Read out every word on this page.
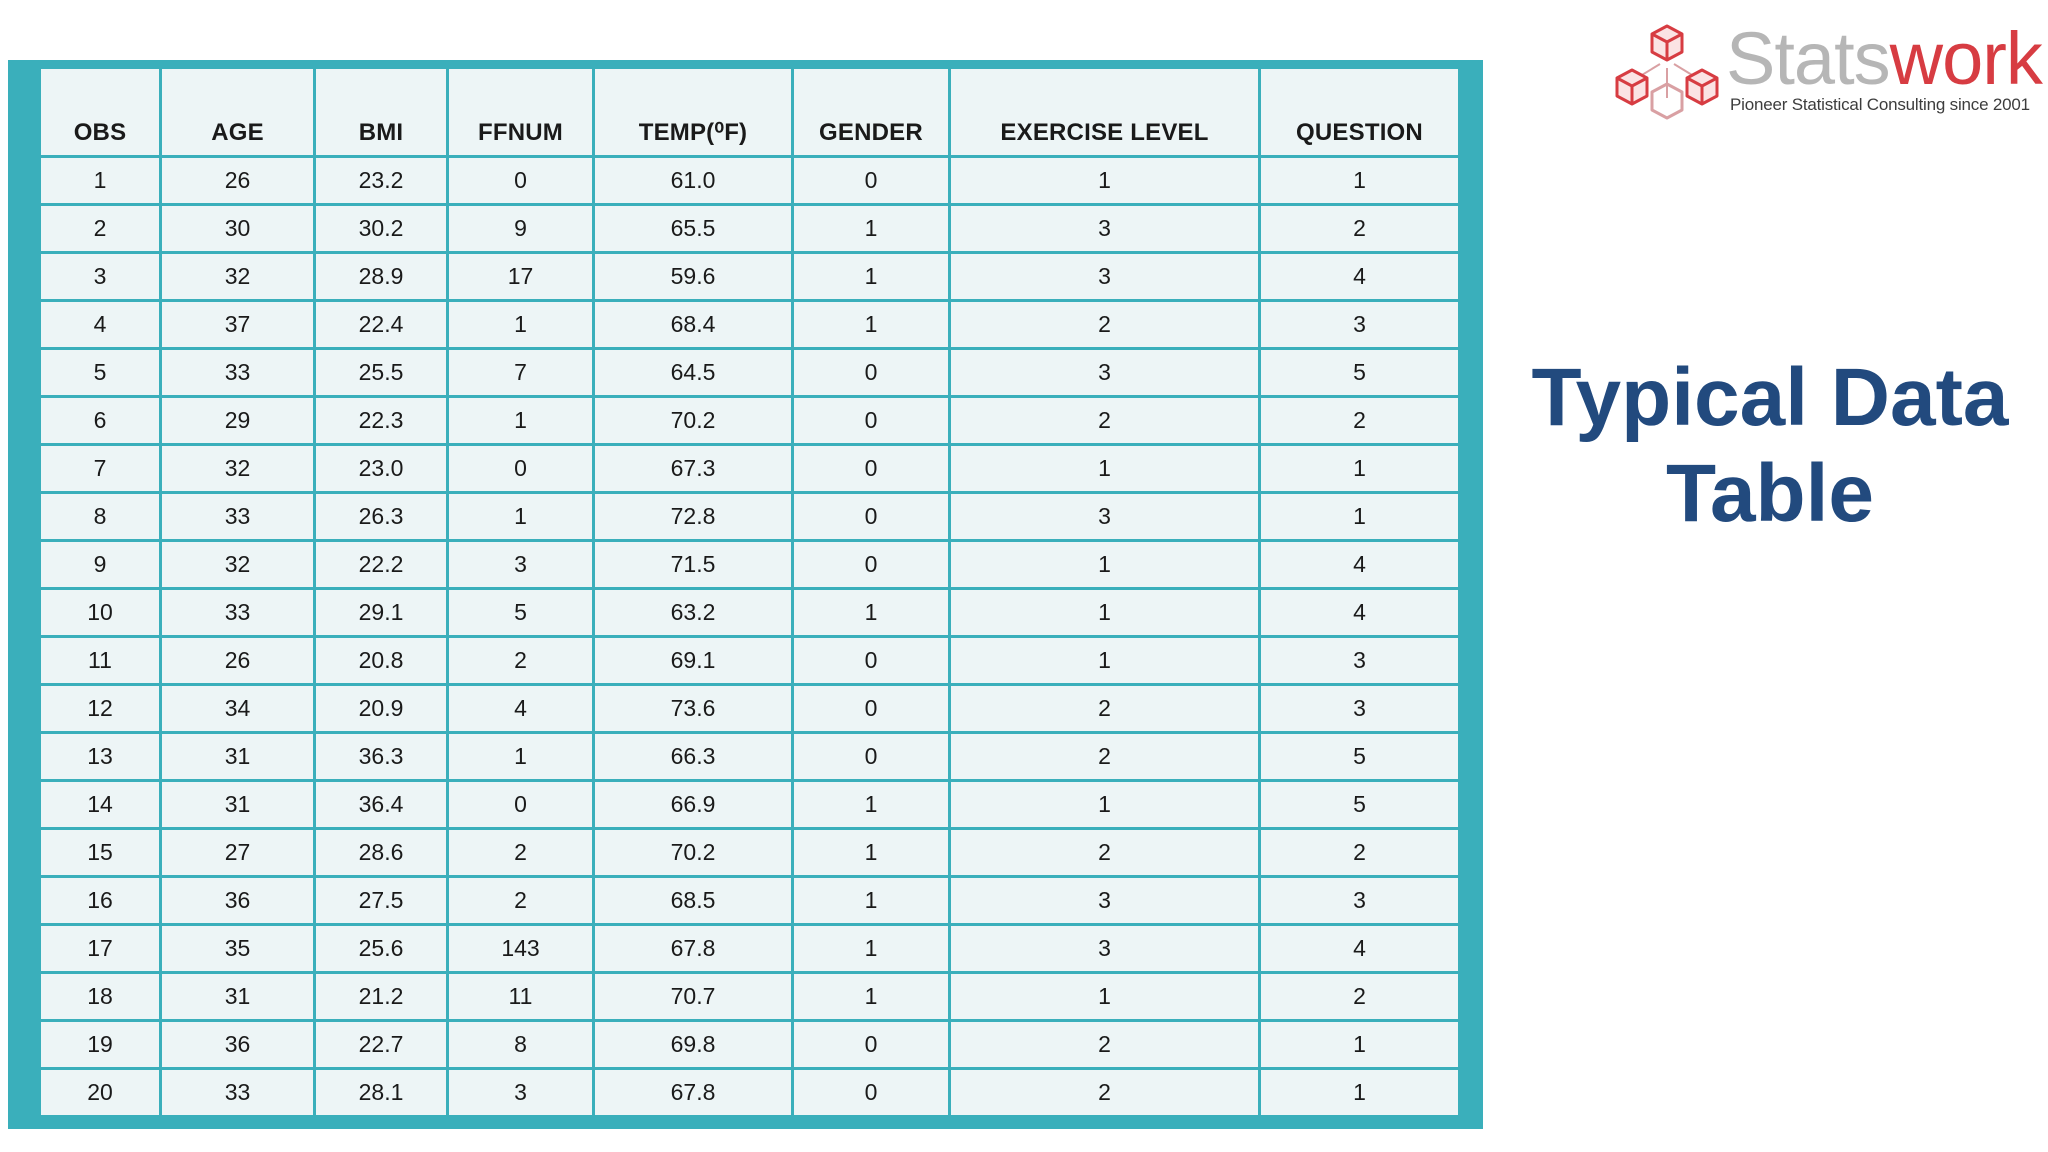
OBS	AGE	BMI	FFNUM	TEMP(⁰F)	GENDER	EXERCISE LEVEL	QUESTION
1	26	23.2	0	61.0	0	1	1
2	30	30.2	9	65.5	1	3	2
3	32	28.9	17	59.6	1	3	4
4	37	22.4	1	68.4	1	2	3
5	33	25.5	7	64.5	0	3	5
6	29	22.3	1	70.2	0	2	2
7	32	23.0	0	67.3	0	1	1
8	33	26.3	1	72.8	0	3	1
9	32	22.2	3	71.5	0	1	4
10	33	29.1	5	63.2	1	1	4
11	26	20.8	2	69.1	0	1	3
12	34	20.9	4	73.6	0	2	3
13	31	36.3	1	66.3	0	2	5
14	31	36.4	0	66.9	1	1	5
15	27	28.6	2	70.2	1	2	2
16	36	27.5	2	68.5	1	3	3
17	35	25.6	143	67.8	1	3	4
18	31	21.2	11	70.7	1	1	2
19	36	22.7	8	69.8	0	2	1
20	33	28.1	3	67.8	0	2	1
Statswork
Pioneer Statistical Consulting since 2001
Typical Data
Table
